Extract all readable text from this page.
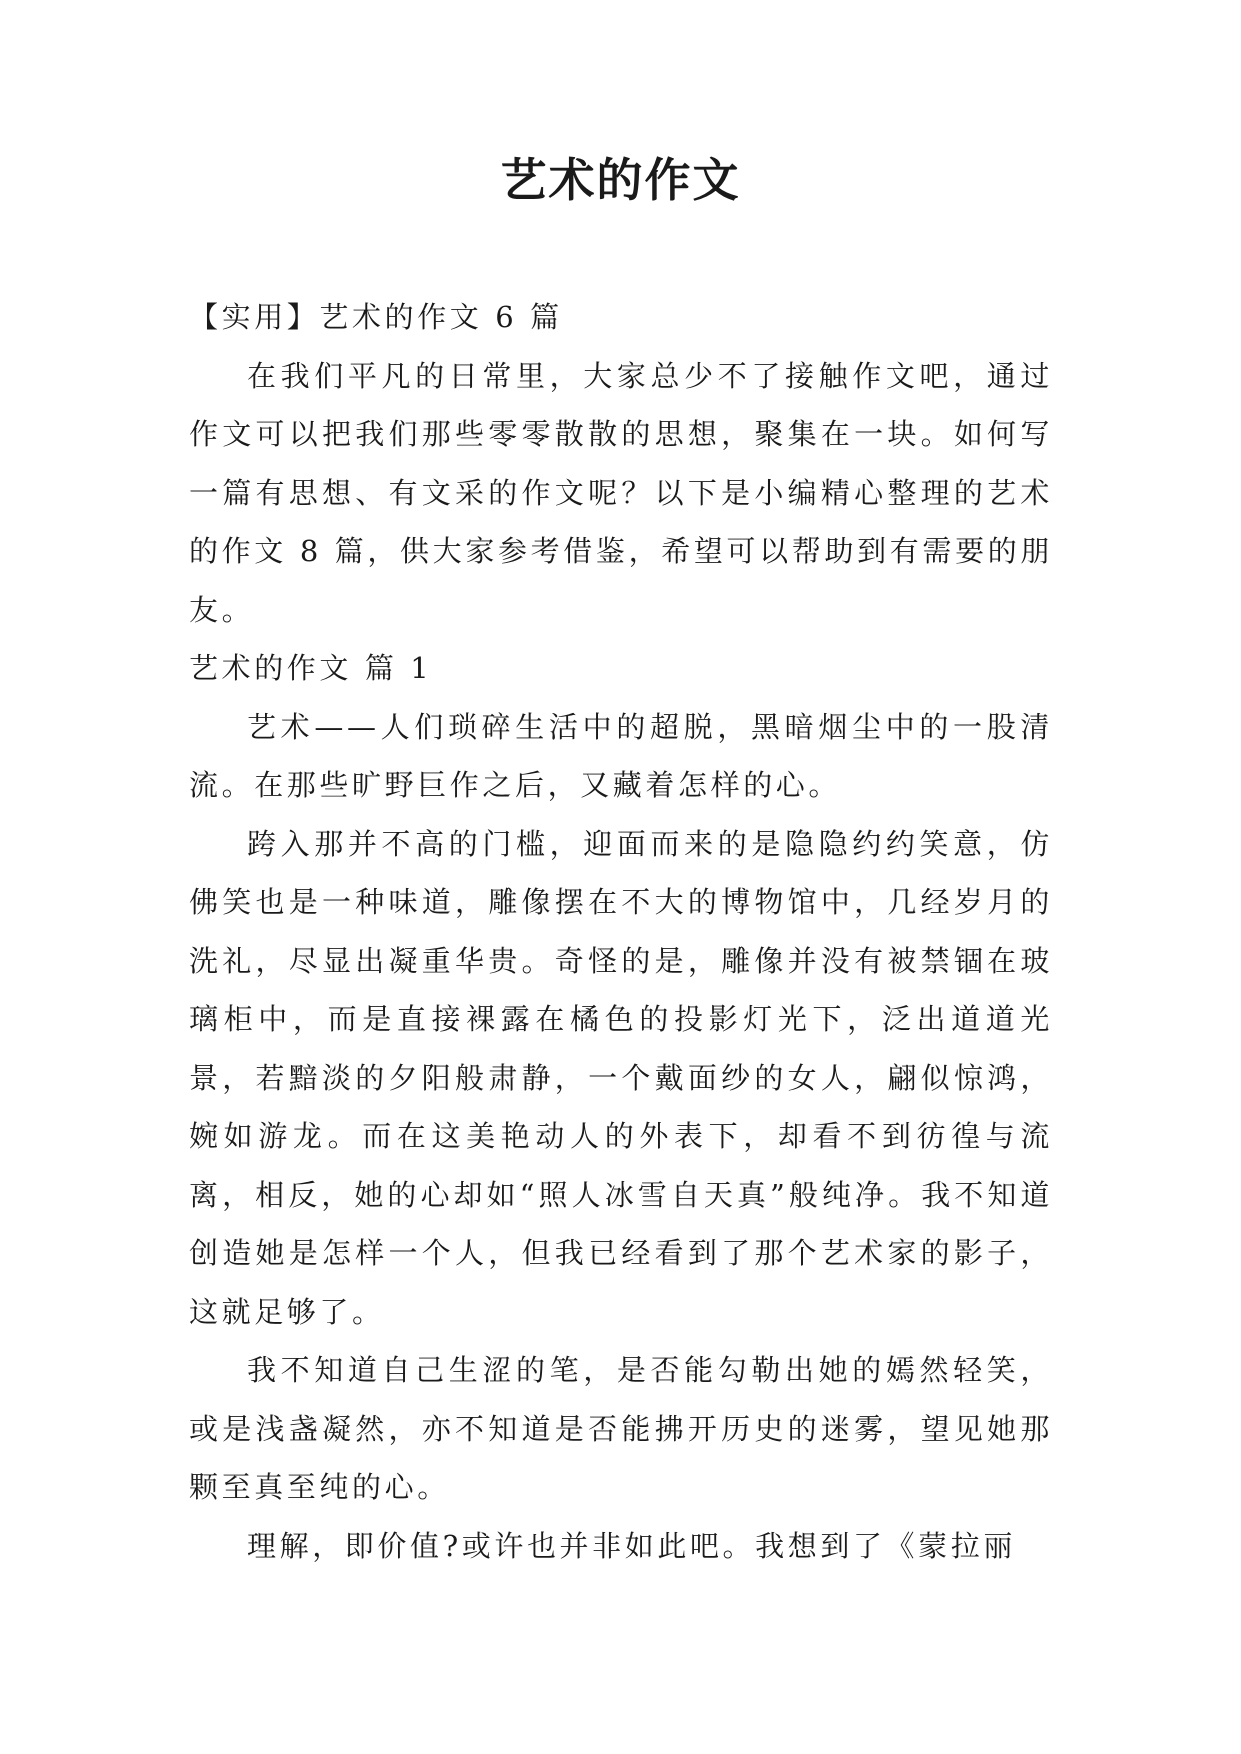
艺术的作文

【实用】艺术的作文 6 篇

在我们平凡的日常里，大家总少不了接触作文吧，通过作文可以把我们那些零零散散的思想，聚集在一块。如何写一篇有思想、有文采的作文呢？以下是小编精心整理的艺术的作文 8 篇，供大家参考借鉴，希望可以帮助到有需要的朋友。

艺术的作文 篇 1

艺术——人们琐碎生活中的超脱，黑暗烟尘中的一股清流。在那些旷野巨作之后，又藏着怎样的心。

跨入那并不高的门槛，迎面而来的是隐隐约约笑意，仿佛笑也是一种味道，雕像摆在不大的博物馆中，几经岁月的洗礼，尽显出凝重华贵。奇怪的是，雕像并没有被禁锢在玻璃柜中，而是直接裸露在橘色的投影灯光下，泛出道道光景，若黯淡的夕阳般肃静，一个戴面纱的女人，翩似惊鸿，婉如游龙。而在这美艳动人的外表下，却看不到彷徨与流离，相反，她的心却如“照人冰雪自天真”般纯净。我不知道创造她是怎样一个人，但我已经看到了那个艺术家的影子，这就足够了。

我不知道自己生涩的笔，是否能勾勒出她的嫣然轻笑，或是浅盏凝然，亦不知道是否能拂开历史的迷雾，望见她那颗至真至纯的心。

理解，即价值?或许也并非如此吧。我想到了《蒙拉丽
